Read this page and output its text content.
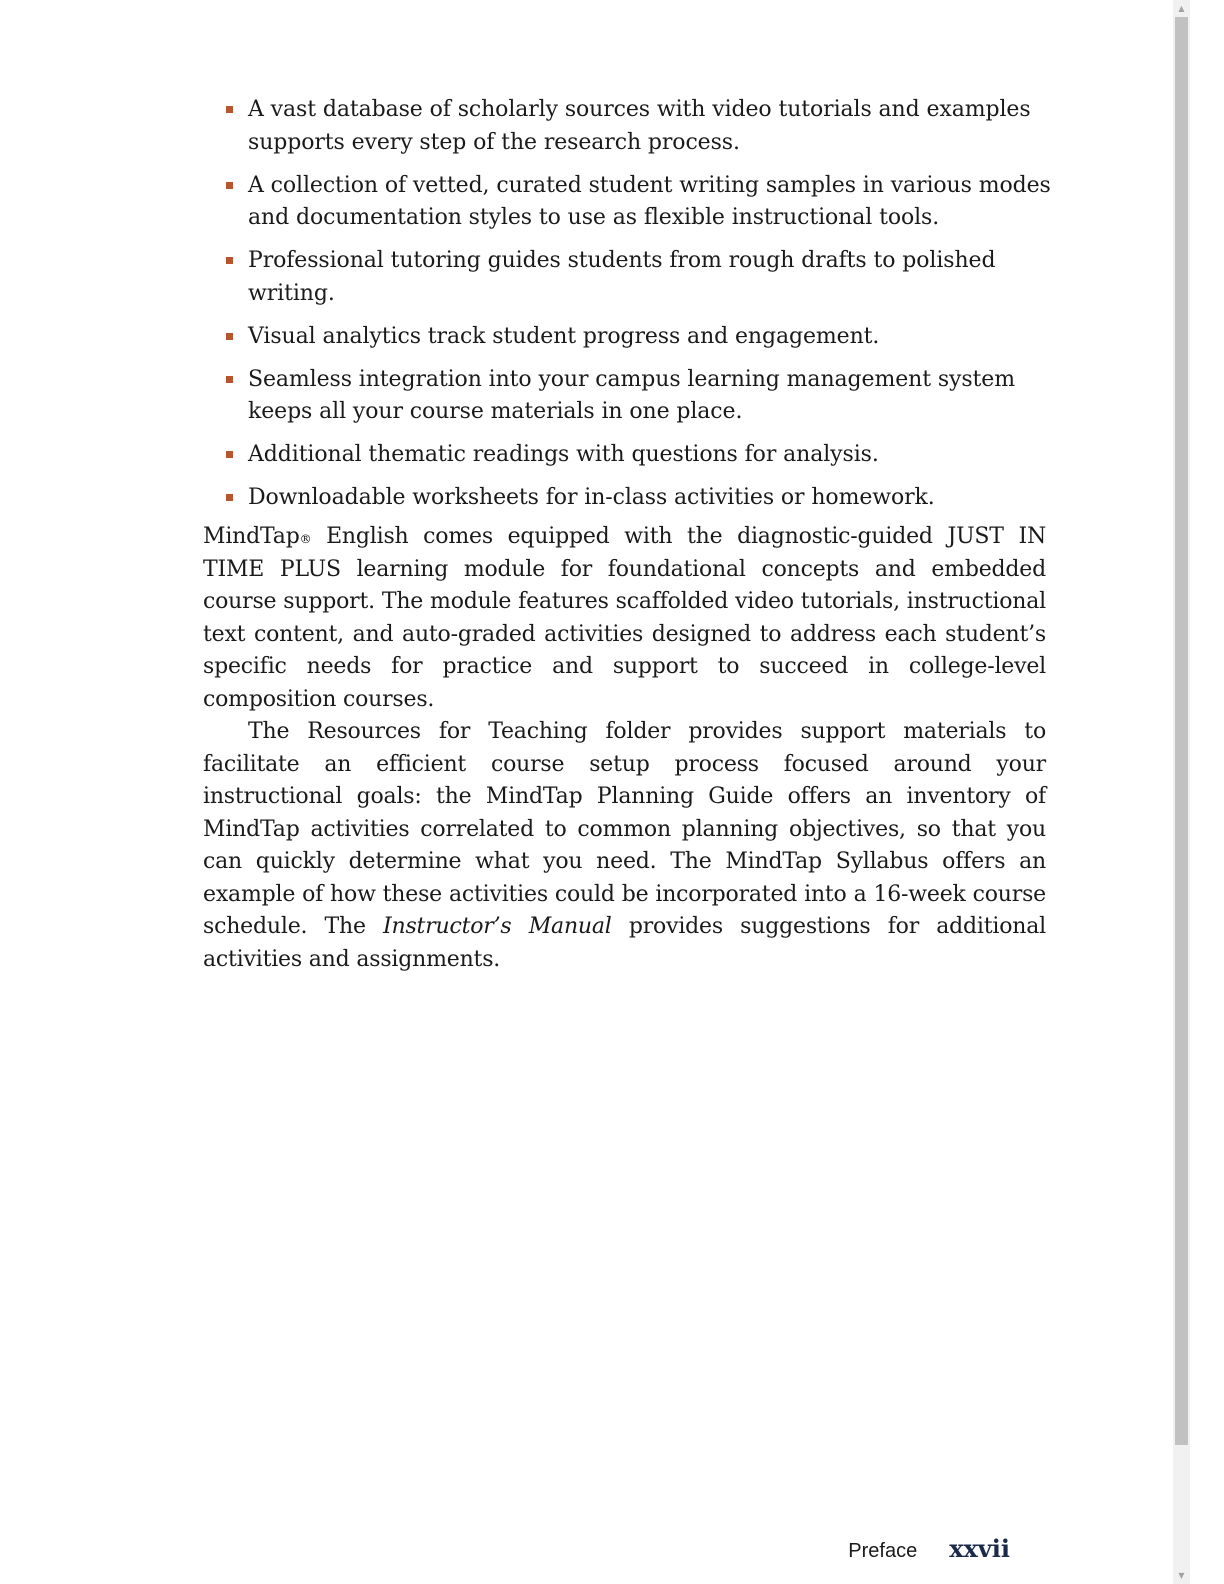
A vast database of scholarly sources with video tutorials and examples supports every step of the research process.
A collection of vetted, curated student writing samples in various modes and documentation styles to use as flexible instructional tools.
Professional tutoring guides students from rough drafts to polished writing.
Visual analytics track student progress and engagement.
Seamless integration into your campus learning management system keeps all your course materials in one place.
Additional thematic readings with questions for analysis.
Downloadable worksheets for in-class activities or homework.

MindTap® English comes equipped with the diagnostic-guided JUST IN TIME PLUS learning module for foundational concepts and embedded course support. The module features scaffolded video tutorials, instructional text content, and auto-graded activities designed to address each student’s specific needs for practice and support to succeed in college-level composition courses.

The Resources for Teaching folder provides support materials to facilitate an efficient course setup process focused around your instructional goals: the MindTap Planning Guide offers an inventory of MindTap activities correlated to common planning objectives, so that you can quickly determine what you need. The MindTap Syllabus offers an example of how these activities could be incorporated into a 16-week course schedule. The Instructor’s Manual provides suggestions for additional activities and assignments.

Preface xxvii
▲
▼
